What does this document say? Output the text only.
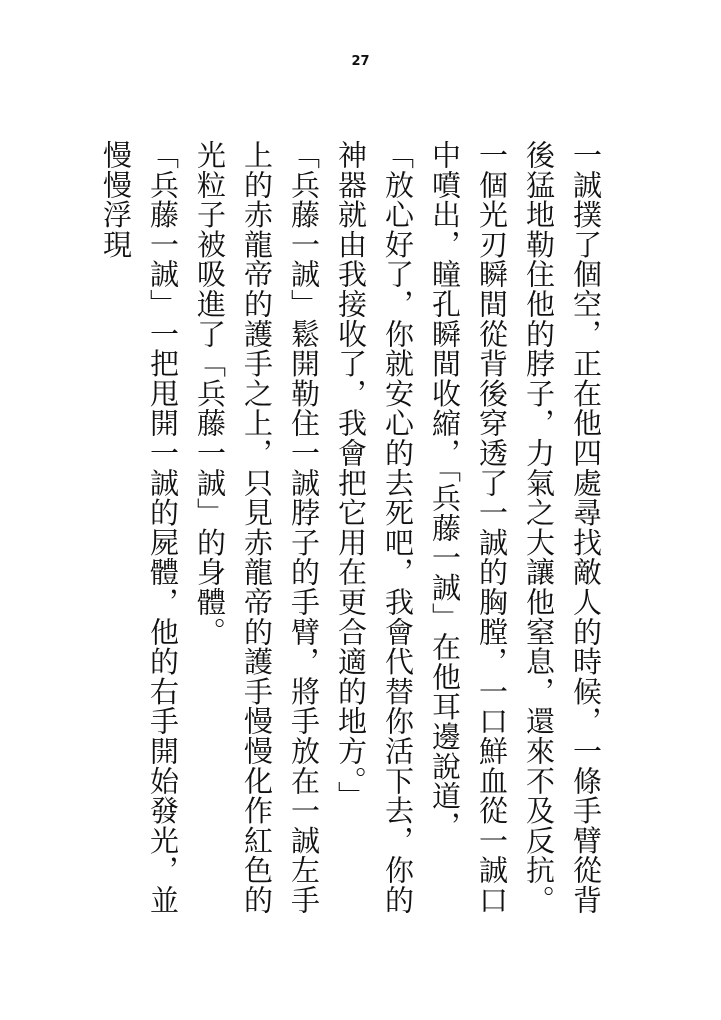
27

一誠撲了個空，正在他四處尋找敵人的時候，一條手臂從背後猛地勒住他的脖子，力氣之大讓他窒息，還來不及反抗。

一個光刃瞬間從背後穿透了一誠的胸膛，一口鮮血從一誠口中噴出，瞳孔瞬間收縮，「兵藤一誠」在他耳邊說道，

「放心好了，你就安心的去死吧，我會代替你活下去，你的神器就由我接收了，我會把它用在更合適的地方。」

「兵藤一誠」鬆開勒住一誠脖子的手臂，將手放在一誠左手上的赤龍帝的護手之上，只見赤龍帝的護手慢慢化作紅色的光粒子被吸進了「兵藤一誠」的身體。

「兵藤一誠」一把甩開一誠的屍體，他的右手開始發光，並慢慢浮現
